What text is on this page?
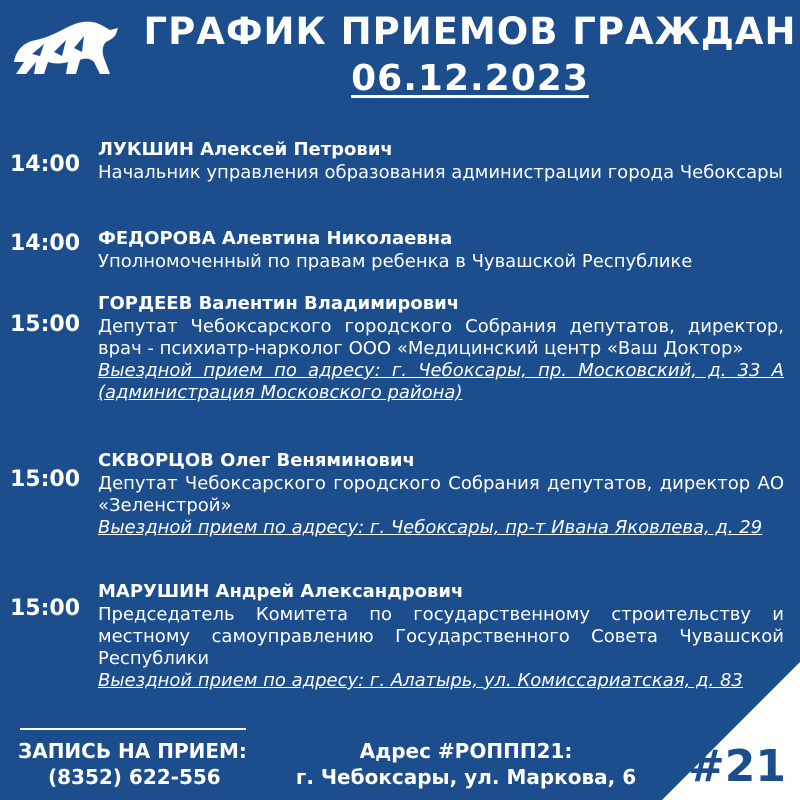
ГРАФИК ПРИЕМОВ ГРАЖДАН
06.12.2023
14:00
ЛУКШИН Алексей Петрович
Начальник управления образования администрации города Чебоксары
14:00 ФЕДОРОВА Алевтина Николаевна
Уполномоченный по правам ребенка в Чувашской Республике
15:00
ГОРДЕЕВ Валентин Владимирович
Депутат Чебоксарского городского Собрания депутатов, директор, врач - психиатр-нарколог ООО «Медицинский центр «Ваш Доктор»
Выездной прием по адресу: г. Чебоксары, пр. Московский, д. 33 А (администрация Московского района)
15:00
СКВОРЦОВ Олег Веняминович
Депутат Чебоксарского городского Собрания депутатов, директор АО «Зеленстрой»
Выездной прием по адресу: г. Чебоксары, пр-т Ивана Яковлева, д. 29
15:00
МАРУШИН Андрей Александрович
Председатель Комитета по государственному строительству и местному самоуправлению Государственного Совета Чувашской Республики
Выездной прием по адресу: г. Алатырь, ул. Комиссариатская, д. 83
ЗАПИСЬ НА ПРИЕМ:
(8352) 622-556
Адрес #РОППП21:
г. Чебоксары, ул. Маркова, 6	#21
